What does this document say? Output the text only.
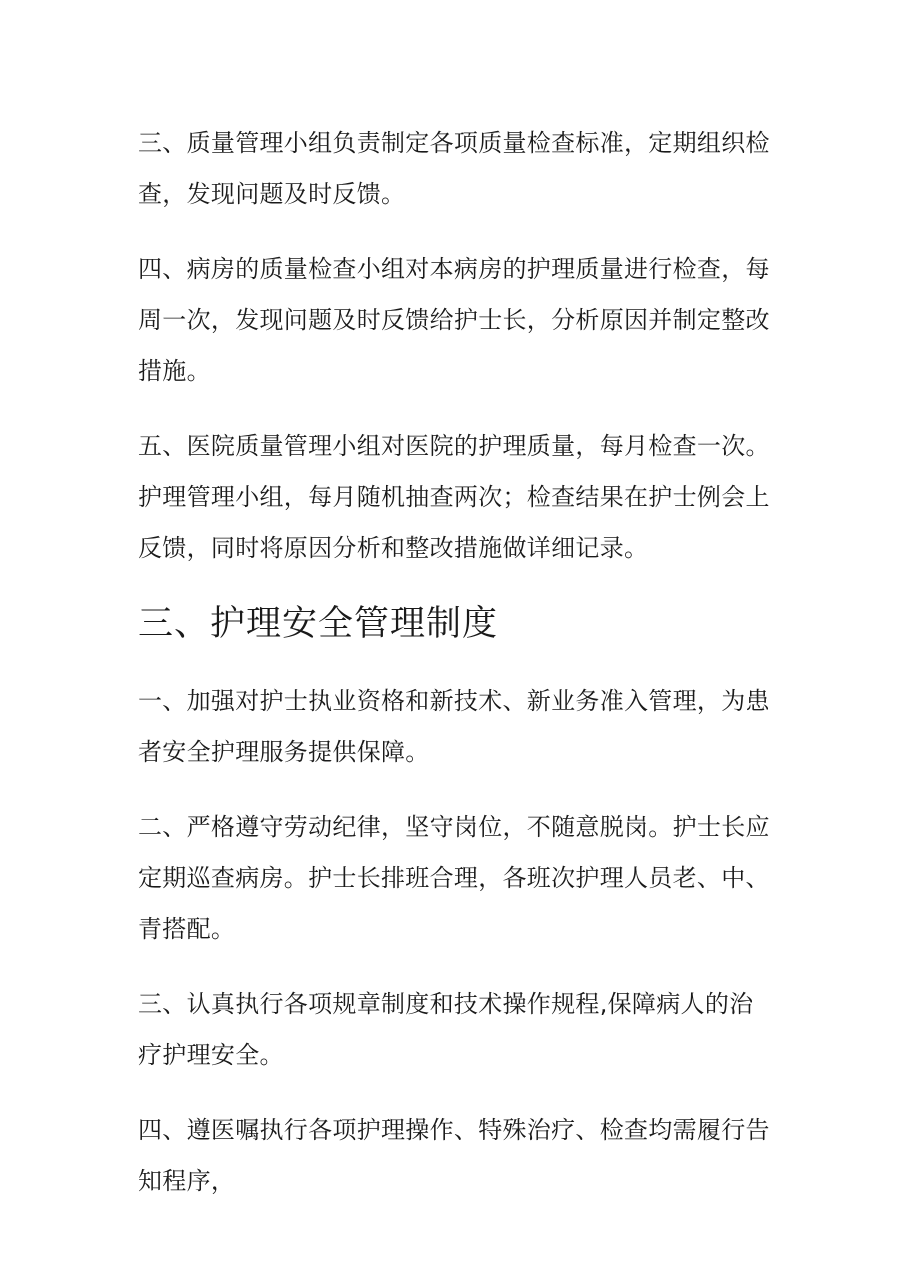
三、质量管理小组负责制定各项质量检查标准，定期组织检查，发现问题及时反馈。

四、病房的质量检查小组对本病房的护理质量进行检查，每周一次，发现问题及时反馈给护士长，分析原因并制定整改措施。

五、医院质量管理小组对医院的护理质量，每月检查一次。护理管理小组，每月随机抽查两次；检查结果在护士例会上反馈，同时将原因分析和整改措施做详细记录。

三、护理安全管理制度

一、加强对护士执业资格和新技术、新业务准入管理，为患者安全护理服务提供保障。

二、严格遵守劳动纪律，坚守岗位，不随意脱岗。护士长应定期巡查病房。护士长排班合理，各班次护理人员老、中、青搭配。

三、认真执行各项规章制度和技术操作规程,保障病人的治疗护理安全。

四、遵医嘱执行各项护理操作、特殊治疗、检查均需履行告知程序，
